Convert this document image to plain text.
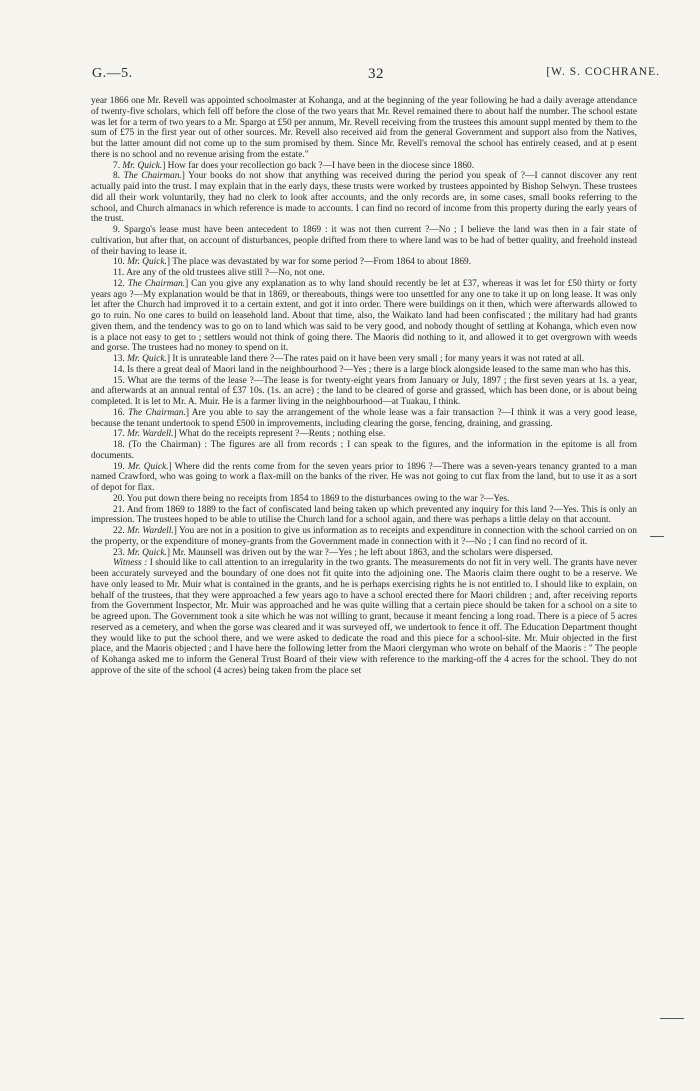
G.—5.	32	[W. S. COCHRANE.

year 1866 one Mr. Revell was appointed schoolmaster at Kohanga, and at the beginning of the year following he had a daily average attendance of twenty-five scholars, which fell off before the close of the two years that Mr. Revel remained there to about half the number. The school estate was let for a term of two years to a Mr. Spargo at £50 per annum, Mr. Revell receiving from the trustees this amount suppl mented by them to the sum of £75 in the first year out of other sources. Mr. Revell also received aid from the general Government and support also from the Natives, but the latter amount did not come up to the sum promised by them. Since Mr. Revell's removal the school has entirely ceased, and at p esent there is no school and no revenue arising from the estate."

7. Mr. Quick.] How far does your recollection go back ?—I have been in the diocese since 1860.

8. The Chairman.] Your books do not show that anything was received during the period you speak of ?—I cannot discover any rent actually paid into the trust. I may explain that in the early days, these trusts were worked by trustees appointed by Bishop Selwyn. These trustees did all their work voluntarily, they had no clerk to look after accounts, and the only records are, in some cases, small books referring to the school, and Church almanacs in which reference is made to accounts. I can find no record of income from this property during the early years of the trust.

9. Spargo's lease must have been antecedent to 1869 : it was not then current ?—No ; I believe the land was then in a fair state of cultivation, but after that, on account of disturbances, people drifted from there to where land was to be had of better quality, and freehold instead of their having to lease it.

10. Mr. Quick.] The place was devastated by war for some period ?—From 1864 to about 1869.

11. Are any of the old trustees alive still ?—No, not one.

12. The Chairman.] Can you give any explanation as to why land should recently be let at £37, whereas it was let for £50 thirty or forty years ago ?—My explanation would be that in 1869, or thereabouts, things were too unsettled for any one to take it up on long lease. It was only let after the Church had improved it to a certain extent, and got it into order. There were buildings on it then, which were afterwards allowed to go to ruin. No one cares to build on leasehold land. About that time, also, the Waikato land had been confiscated ; the military had had grants given them, and the tendency was to go on to land which was said to be very good, and nobody thought of settling at Kohanga, which even now is a place not easy to get to ; settlers would not think of going there. The Maoris did nothing to it, and allowed it to get overgrown with weeds and gorse. The trustees had no money to spend on it.

13. Mr. Quick.] It is unrateable land there ?—The rates paid on it have been very small ; for many years it was not rated at all.

14. Is there a great deal of Maori land in the neighbourhood ?—Yes ; there is a large block alongside leased to the same man who has this.

15. What are the terms of the lease ?—The lease is for twenty-eight years from January or July, 1897 ; the first seven years at 1s. a year, and afterwards at an annual rental of £37 10s. (1s. an acre) ; the land to be cleared of gorse and grassed, which has been done, or is about being completed. It is let to Mr. A. Muir. He is a farmer living in the neighbourhood—at Tuakau, I think.

16. The Chairman.] Are you able to say the arrangement of the whole lease was a fair transaction ?—I think it was a very good lease, because the tenant undertook to spend £500 in improvements, including clearing the gorse, fencing, draining, and grassing.

17. Mr. Wardell.] What do the receipts represent ?—Rents ; nothing else.

18. (To the Chairman) : The figures are all from records ; I can speak to the figures, and the information in the epitome is all from documents.

19. Mr. Quick.] Where did the rents come from for the seven years prior to 1896 ?—There was a seven-years tenancy granted to a man named Crawford, who was going to work a flax-mill on the banks of the river. He was not going to cut flax from the land, but to use it as a sort of depot for flax.

20. You put down there being no receipts from 1854 to 1869 to the disturbances owing to the war ?—Yes.

21. And from 1869 to 1889 to the fact of confiscated land being taken up which prevented any inquiry for this land ?—Yes. This is only an impression. The trustees hoped to be able to utilise the Church land for a school again, and there was perhaps a little delay on that account.

22. Mr. Wardell.] You are not in a position to give us information as to receipts and expenditure in connection with the school carried on on the property, or the expenditure of money-grants from the Government made in connection with it ?—No ; I can find no record of it.

23. Mr. Quick.] Mr. Maunsell was driven out by the war ?—Yes ; he left about 1863, and the scholars were dispersed.

Witness : I should like to call attention to an irregularity in the two grants. The measurements do not fit in very well. The grants have never been accurately surveyed and the boundary of one does not fit quite into the adjoining one. The Maoris claim there ought to be a reserve. We have only leased to Mr. Muir what is contained in the grants, and he is perhaps exercising rights he is not entitled to. I should like to explain, on behalf of the trustees, that they were approached a few years ago to have a school erected there for Maori children ; and, after receiving reports from the Government Inspector, Mr. Muir was approached and he was quite willing that a certain piece should be taken for a school on a site to be agreed upon. The Government took a site which he was not willing to grant, because it meant fencing a long road. There is a piece of 5 acres reserved as a cemetery, and when the gorse was cleared and it was surveyed off, we undertook to fence it off. The Education Department thought they would like to put the school there, and we were asked to dedicate the road and this piece for a school-site. Mr. Muir objected in the first place, and the Maoris objected ; and I have here the following letter from the Maori clergyman who wrote on behalf of the Maoris : " The people of Kohanga asked me to inform the General Trust Board of their view with reference to the marking-off the 4 acres for the school. They do not approve of the site of the school (4 acres) being taken from the place set
